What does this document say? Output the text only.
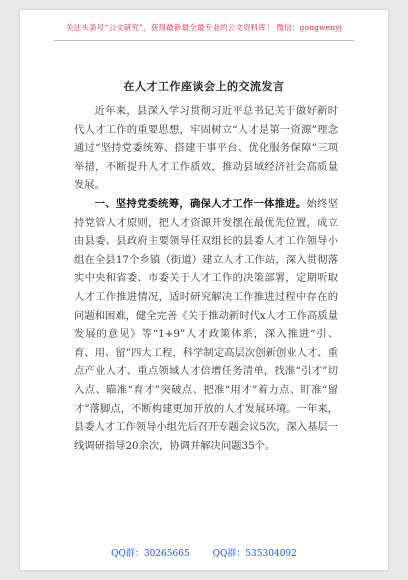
关注头条号“公文研究”，获得最新最全最专业的公文资料库！ 微信：gongwenyj
在人才工作座谈会上的交流发言

近年来，县深入学习贯彻习近平总书记关于做好新时代人才工作的重要思想，牢固树立“人才是第一资源”理念通过“坚持党委统筹、搭建干事平台、优化服务保障”三项举措，不断提升人才工作质效，推动县域经济社会高质量发展。

一、坚持党委统筹，确保人才工作一体推进。始终坚持党管人才原则，把人才资源开发摆在最优先位置，成立由县委、县政府主要领导任双组长的县委人才工作领导小组在全县17个乡镇（街道）建立人才工作站，深入贯彻落实中央和省委、市委关于人才工作的决策部署，定期听取人才工作推进情况，适时研究解决工作推进过程中存在的问题和困难，健全完善《关于推动新时代x人才工作高质量发展的意见》等“1+9”人才政策体系，深入推进“引、育、用、留”四大工程，科学制定高层次创新创业人才、重点产业人才、重点领域人才倍增任务清单，找准“引才”切入点、瞄准“育才”突破点、把准“用才”着力点、盯准“留才”落脚点，不断构建更加开放的人才发展环境。一年来，县委人才工作领导小组先后召开专题会议5次，深入基层一线调研指导20余次，协调并解决问题35个。

QQ群：30265665	QQ群：535304092
